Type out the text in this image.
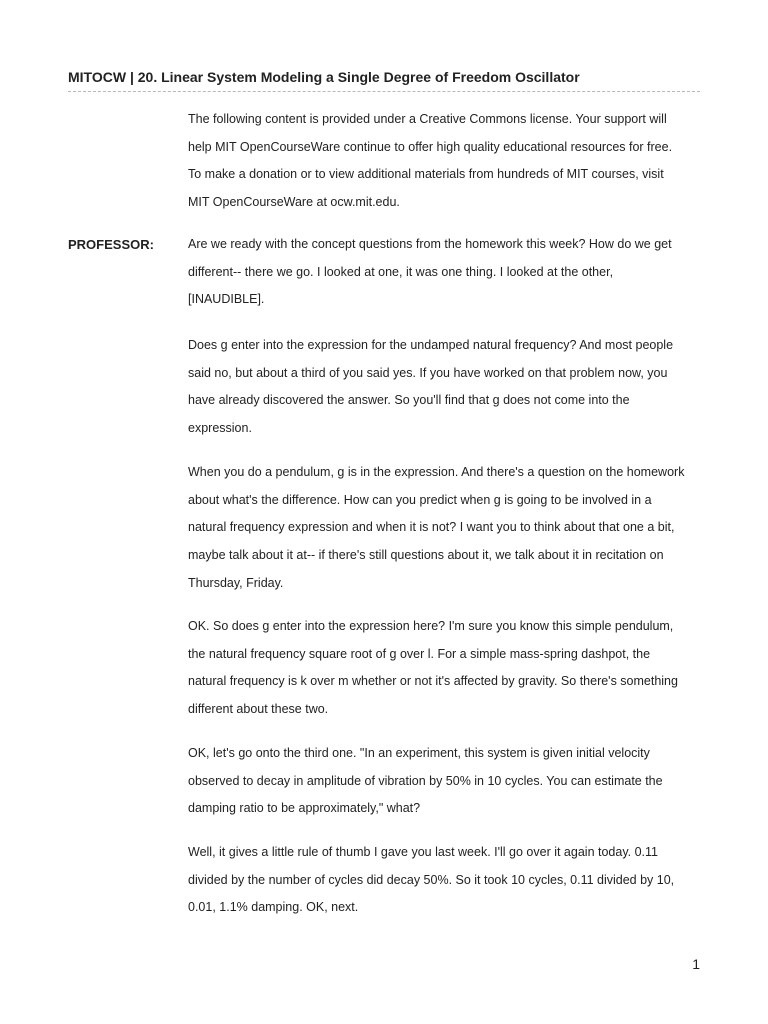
MITOCW | 20. Linear System Modeling a Single Degree of Freedom Oscillator
The following content is provided under a Creative Commons license. Your support will help MIT OpenCourseWare continue to offer high quality educational resources for free. To make a donation or to view additional materials from hundreds of MIT courses, visit MIT OpenCourseWare at ocw.mit.edu.
PROFESSOR:	Are we ready with the concept questions from the homework this week? How do we get different-- there we go. I looked at one, it was one thing. I looked at the other, [INAUDIBLE].
Does g enter into the expression for the undamped natural frequency? And most people said no, but about a third of you said yes. If you have worked on that problem now, you have already discovered the answer. So you'll find that g does not come into the expression.
When you do a pendulum, g is in the expression. And there's a question on the homework about what's the difference. How can you predict when g is going to be involved in a natural frequency expression and when it is not? I want you to think about that one a bit, maybe talk about it at-- if there's still questions about it, we talk about it in recitation on Thursday, Friday.
OK. So does g enter into the expression here? I'm sure you know this simple pendulum, the natural frequency square root of g over l. For a simple mass-spring dashpot, the natural frequency is k over m whether or not it's affected by gravity. So there's something different about these two.
OK, let's go onto the third one. "In an experiment, this system is given initial velocity observed to decay in amplitude of vibration by 50% in 10 cycles. You can estimate the damping ratio to be approximately," what?
Well, it gives a little rule of thumb I gave you last week. I'll go over it again today. 0.11 divided by the number of cycles did decay 50%. So it took 10 cycles, 0.11 divided by 10, 0.01, 1.1% damping. OK, next.
1
